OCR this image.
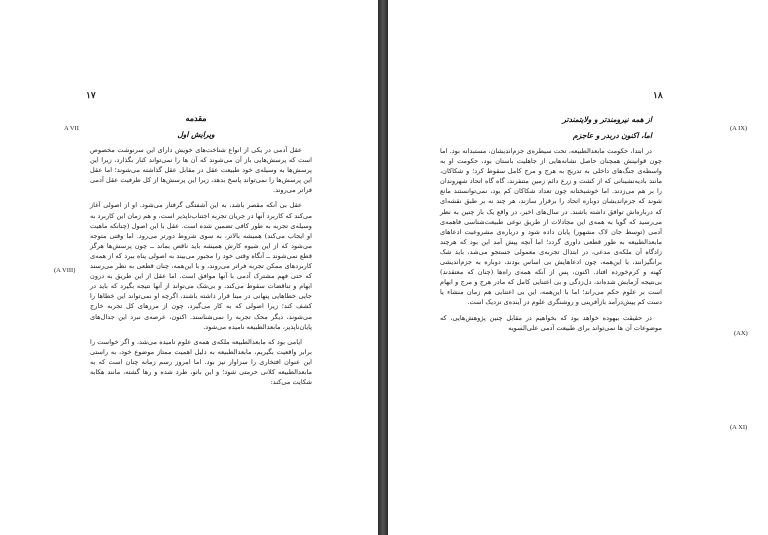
۱۷
A VII
(A VIII)

مقدمه

ویرایش اول

عقل آدمی در یکی از انواع شناخت‌های خویش دارای این سرنوشت مخصوص است که پرسش‌هایی باز آن می‌شوند که آن ها را نمی‌تواند کنار بگذارد، زیرا این پرسش‌ها به وسیله‌ی خود طبیعت عقل در مقابل عقل گذاشته می‌شوند؛ اما عقل این پرسش‌ها را نمی‌تواند پاسخ بدهد، زیرا این پرسش‌ها از کل ظرفیت عقل آدمی فراتر می‌روند.

عقل بی آنکه مقصر باشد، به این آشفتگی گرفتار می‌شود. او از اصولی آغاز می‌کند که کاربرد آنها در جریان تجربه اجتناب‌ناپذیر است، و هم زمان این کاربرد به وسیله‌ی تجربه به طور کافی تضمین شده است. عقل با این اصول (چنانکه ماهیت او ایجاب می‌کند) همیشه بالاتر، به سوی شروط دورتر می‌رود. اما وقتی متوجه می‌شود که از این شیوه کارش همیشه باید ناقص بماند ــ چون پرسش‌ها هرگز قطع نمی‌شوند ــ آنگاه وقتی خود را مجبور می‌بیند به اصولی پناه ببرد که از همه‌ی کاربردهای ممکن تجربه فراتر می‌روند، و با این‌همه، چنان قطعی به نظر می‌رسند که حتی فهم مشترک آدمی با آنها موافق است. اما عقل از این طریق به درون ابهام و تناقضات سقوط می‌کند، و بی‌شک می‌تواند از آنها نتیجه بگیرد که باید در جایی خطاهایی پنهانی در مبنا قرار داشته باشند، اگرچه او نمی‌تواند این خطاها را کشف کند؛ زیرا اصولی که به کار می‌گیرد، چون از مرزهای کل تجربه خارج می‌شوند، دیگر محک تجربه را نمی‌شناسند. اکنون، عرصه‌ی نبرد این جدال‌های پایان‌ناپذیر، مابعدالطبیعه نامیده می‌شود.

ایامی بود که مابعدالطبیعه ملکه‌ی همه‌ی علوم نامیده می‌شد، و اگر خواست را برابر واقعیت بگیریم، مابعدالطبیعه به دلیل اهمیت ممتاز موضوع خود، به راستی این عنوان افتخاری را سزاوار نیز بود. اما امروز رسم زمانه چنان است که به مابعدالطبیعه کلانی حرمتی شود؛ و این بانو، طرد شده و رها گشته، مانند هکابه شکایت می‌کند:

۱۸
(A IX)
(AX)
(A XI)

از همه نیرومندتر و ولایتمندتر

اما، اکنون دربدر و عاجزم

در ابتدا، حکومت مابعدالطبیعه، تحت سیطره‌ی جزم‌اندیشان، مستبدانه بود. اما چون قوانینش همچنان حاصل نشانه‌هایی از جاهلیت باستان بود، حکومت او به واسطه‌ی جنگ‌های داخلی به تدریج به هرج و مرج کامل سقوط کرد؛ و شکاکان، مانند بادیه‌نشینانی که از کشت و زرع دائم زمین متنفرند، گاه گاه اتحاد شهروندان را بر هم می‌زدند. اما خوشبختانه چون تعداد شکاکان کم بود، نمی‌توانستند مانع شوند که جزم‌اندیشان دوباره اتحاد را برقرار سازند، هر چند نه بر طبق نقشه‌ای که درباره‌اش توافق داشته باشند. در سال‌های اخیر، در واقع یک بار چنین به نظر می‌رسید که گویا به همه‌ی این مجادلات از طریق نوعی طبیعت‌شناسی فاهمه‌ی آدمی (توسط جان لاک مشهور) پایان داده شود و درباره‌ی مشروعیت ادعاهای مابعدالطبیعه به طور قطعی داوری گردد؛ اما آنچه پیش آمد این بود که هرچند زادگاه آن ملکه‌ی مدعی، در ابتذال تجربه‌ی معمولی جستجو می‌شد، باید شک برانگیزانند، با این‌همه، چون ادعاهایش بی اساس بودند، دوباره به جزم‌اندیشی کهنه و کرم‌خورده افتاد. اکنون، پس از آنکه همه‌ی راه‌ها (چنان که معتقدند) بی‌نتیجه آزمایش شده‌اند، دل‌زدگی و بی اعتنایی کامل که مادر هرج و مرج و ابهام است بر علوم حکم می‌راند؛ اما با این‌همه، این بی اعتنایی هم زمان منشاء یا دست کم پیش‌درآمد بازآفرینی و روشنگری علوم در آینده‌ی نزدیک است.

در حقیقت بیهوده خواهد بود که بخواهیم در مقابل چنین پژوهش‌هایی، که موضوعات آن ها نمی‌تواند برای طبیعت آدمی علی‌السویه
